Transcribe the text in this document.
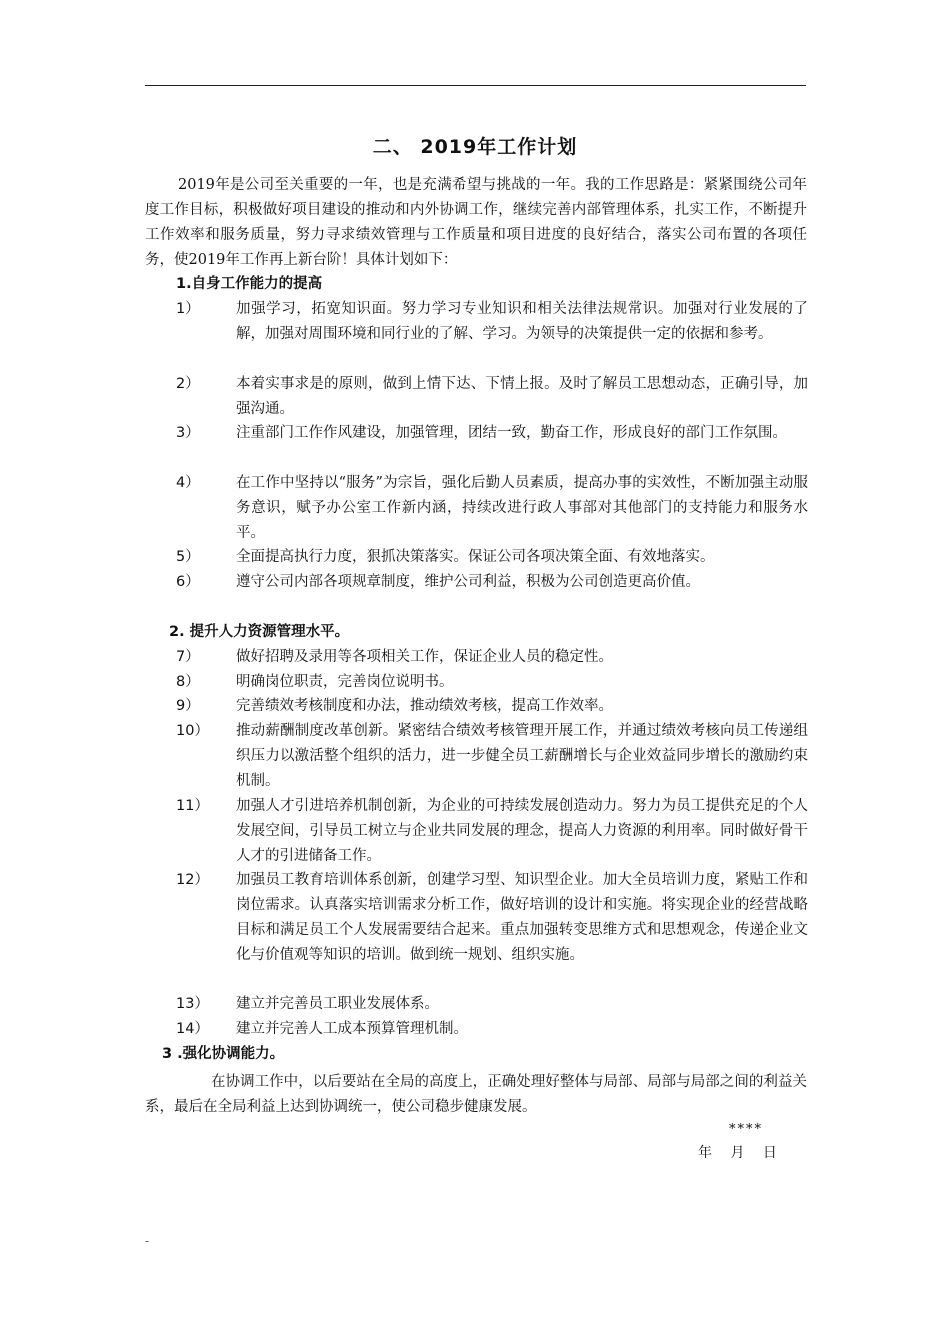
二、 2019年工作计划
2019年是公司至关重要的一年，也是充满希望与挑战的一年。我的工作思路是：紧紧围绕公司年度工作目标，积极做好项目建设的推动和内外协调工作，继续完善内部管理体系，扎实工作，不断提升工作效率和服务质量，努力寻求绩效管理与工作质量和项目进度的良好结合，落实公司布置的各项任务，使2019年工作再上新台阶！具体计划如下：
1.自身工作能力的提高
1）	加强学习，拓宽知识面。努力学习专业知识和相关法律法规常识。加强对行业发展的了解，加强对周围环境和同行业的了解、学习。为领导的决策提供一定的依据和参考。
2）	本着实事求是的原则，做到上情下达、下情上报。及时了解员工思想动态，正确引导，加强沟通。
3）	注重部门工作作风建设，加强管理，团结一致，勤奋工作，形成良好的部门工作氛围。
4）	在工作中坚持以“服务”为宗旨，强化后勤人员素质，提高办事的实效性，不断加强主动服务意识，赋予办公室工作新内涵，持续改进行政人事部对其他部门的支持能力和服务水平。
5）	全面提高执行力度，狠抓决策落实。保证公司各项决策全面、有效地落实。
6）	遵守公司内部各项规章制度，维护公司利益，积极为公司创造更高价值。
2. 提升人力资源管理水平。
7）	做好招聘及录用等各项相关工作，保证企业人员的稳定性。
8）	明确岗位职责，完善岗位说明书。
9）	完善绩效考核制度和办法，推动绩效考核，提高工作效率。
10） 推动薪酬制度改革创新。紧密结合绩效考核管理开展工作，并通过绩效考核向员工传递组织压力以激活整个组织的活力，进一步健全员工薪酬增长与企业效益同步增长的激励约束机制。
11） 加强人才引进培养机制创新，为企业的可持续发展创造动力。努力为员工提供充足的个人发展空间，引导员工树立与企业共同发展的理念，提高人力资源的利用率。同时做好骨干人才的引进储备工作。
12） 加强员工教育培训体系创新，创建学习型、知识型企业。加大全员培训力度，紧贴工作和岗位需求。认真落实培训需求分析工作，做好培训的设计和实施。将实现企业的经营战略目标和满足员工个人发展需要结合起来。重点加强转变思维方式和思想观念，传递企业文化与价值观等知识的培训。做到统一规划、组织实施。
13） 建立并完善员工职业发展体系。
14） 建立并完善人工成本预算管理机制。
3 .强化协调能力。
在协调工作中，以后要站在全局的高度上，正确处理好整体与局部、局部与局部之间的利益关系，最后在全局利益上达到协调统一，使公司稳步健康发展。
****
年 月 日
-
